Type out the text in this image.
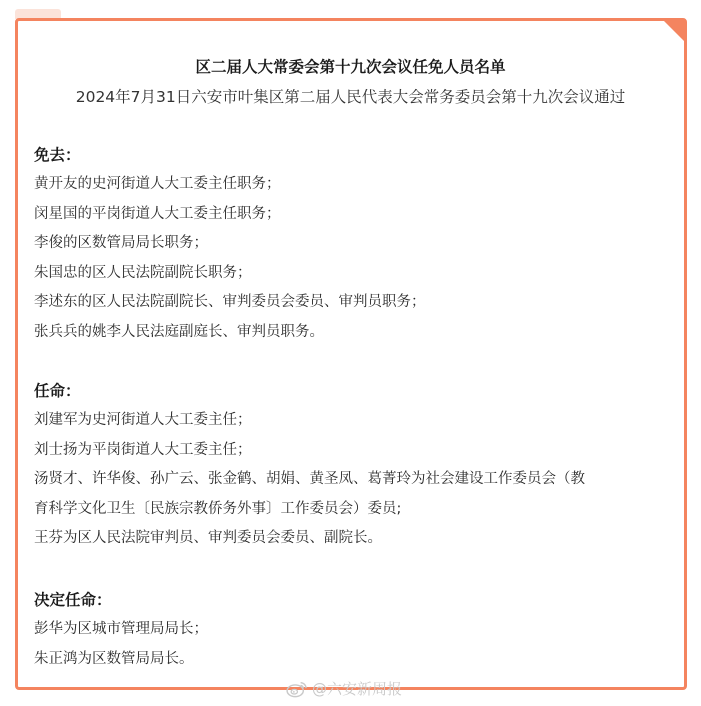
区二届人大常委会第十九次会议任免人员名单
2024年7月31日六安市叶集区第二届人民代表大会常务委员会第十九次会议通过
免去：
黄开友的史河街道人大工委主任职务；
闵星国的平岗街道人大工委主任职务；
李俊的区数管局局长职务；
朱国忠的区人民法院副院长职务；
李述东的区人民法院副院长、审判委员会委员、审判员职务；
张兵兵的姚李人民法庭副庭长、审判员职务。
任命：
刘建军为史河街道人大工委主任；
刘士扬为平岗街道人大工委主任；
汤贤才、许华俊、孙广云、张金鹤、胡娟、黄圣凤、葛菁玲为社会建设工作委员会（教
育科学文化卫生〔民族宗教侨务外事〕工作委员会）委员;
王芬为区人民法院审判员、审判委员会委员、副院长。
决定任命：
彭华为区城市管理局局长；
朱正鸿为区数管局局长。
@六安新周报
